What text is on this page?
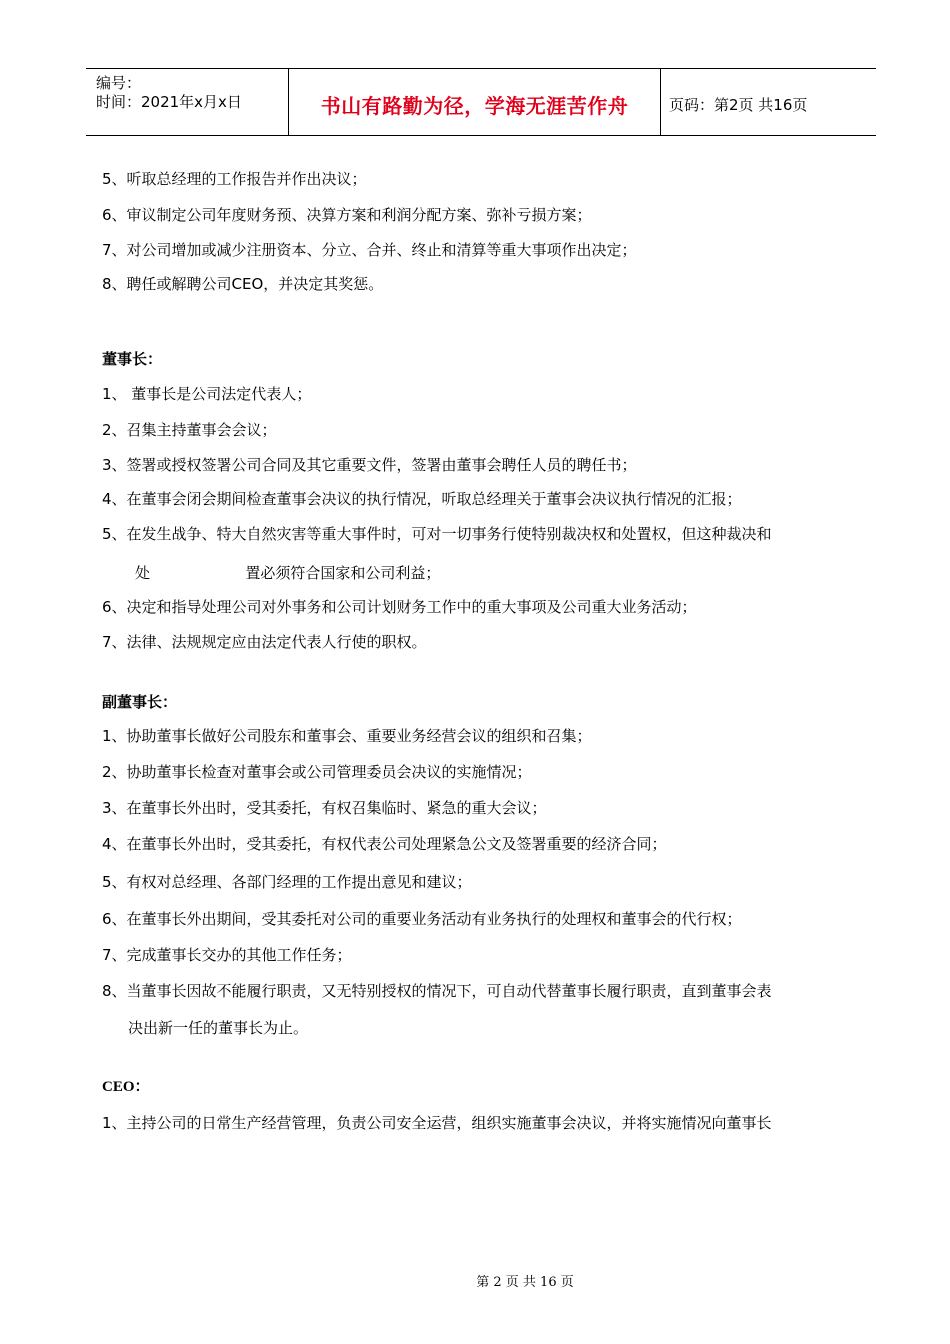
编号：
时间：2021年x月x日	书山有路勤为径，学海无涯苦作舟	页码：第2页 共16页
5、听取总经理的工作报告并作出决议；
6、审议制定公司年度财务预、决算方案和利润分配方案、弥补亏损方案；
7、对公司增加或减少注册资本、分立、合并、终止和清算等重大事项作出决定；
8、聘任或解聘公司CEO，并决定其奖惩。
董事长：
1、 董事长是公司法定代表人；
2、召集主持董事会会议；
3、签署或授权签署公司合同及其它重要文件，签署由董事会聘任人员的聘任书；
4、在董事会闭会期间检查董事会决议的执行情况，听取总经理关于董事会决议执行情况的汇报；
5、在发生战争、特大自然灾害等重大事件时，可对一切事务行使特别裁决权和处置权，但这种裁决和
处                    置必须符合国家和公司利益；
6、决定和指导处理公司对外事务和公司计划财务工作中的重大事项及公司重大业务活动；
7、法律、法规规定应由法定代表人行使的职权。
副董事长：
1、协助董事长做好公司股东和董事会、重要业务经营会议的组织和召集；
2、协助董事长检查对董事会或公司管理委员会决议的实施情况；
3、在董事长外出时，受其委托，有权召集临时、紧急的重大会议；
4、在董事长外出时，受其委托，有权代表公司处理紧急公文及签署重要的经济合同；
5、有权对总经理、各部门经理的工作提出意见和建议；
6、在董事长外出期间，受其委托对公司的重要业务活动有业务执行的处理权和董事会的代行权；
7、完成董事长交办的其他工作任务；
8、当董事长因故不能履行职责，又无特别授权的情况下，可自动代替董事长履行职责，直到董事会表
决出新一任的董事长为止。
CEO：
1、主持公司的日常生产经营管理，负责公司安全运营，组织实施董事会决议，并将实施情况向董事长
第 2 页 共 16 页
